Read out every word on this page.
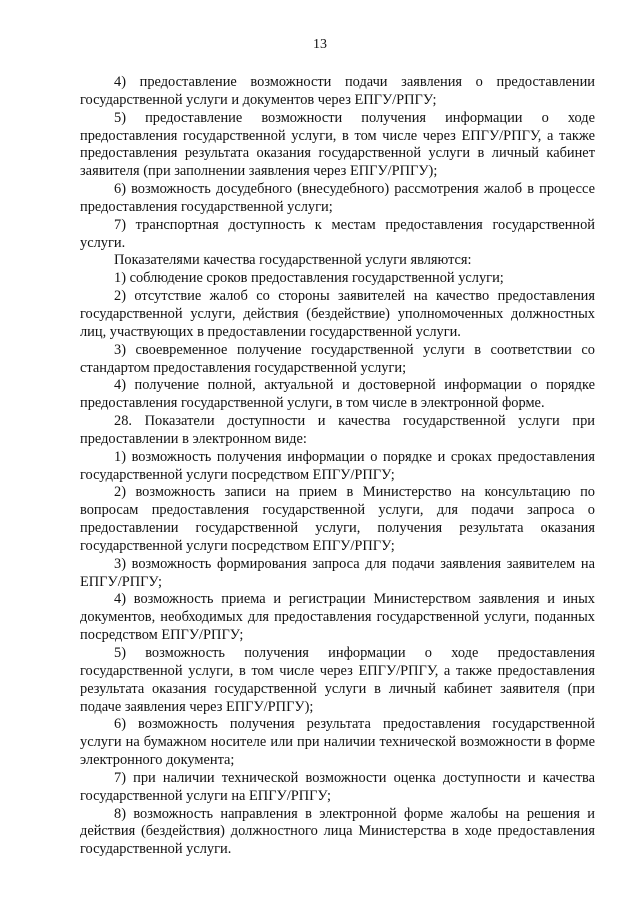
13

4) предоставление возможности подачи заявления о предоставлении государственной услуги и документов через ЕПГУ/РПГУ;

5) предоставление возможности получения информации о ходе предоставления государственной услуги, в том числе через ЕПГУ/РПГУ, а также предоставления результата оказания государственной услуги в личный кабинет заявителя (при заполнении заявления через ЕПГУ/РПГУ);

6) возможность досудебного (внесудебного) рассмотрения жалоб в процессе предоставления государственной услуги;

7) транспортная доступность к местам предоставления государственной услуги.

Показателями качества государственной услуги являются:

1) соблюдение сроков предоставления государственной услуги;

2) отсутствие жалоб со стороны заявителей на качество предоставления государственной услуги, действия (бездействие) уполномоченных должностных лиц, участвующих в предоставлении государственной услуги.

3) своевременное получение государственной услуги в соответствии со стандартом предоставления государственной услуги;

4) получение полной, актуальной и достоверной информации о порядке предоставления государственной услуги, в том числе в электронной форме.

28. Показатели доступности и качества государственной услуги при предоставлении в электронном виде:

1) возможность получения информации о порядке и сроках предоставления государственной услуги посредством ЕПГУ/РПГУ;

2) возможность записи на прием в Министерство на консультацию по вопросам предоставления государственной услуги, для подачи запроса о предоставлении государственной услуги, получения результата оказания государственной услуги посредством ЕПГУ/РПГУ;

3) возможность формирования запроса для подачи заявления заявителем на ЕПГУ/РПГУ;

4) возможность приема и регистрации Министерством заявления и иных документов, необходимых для предоставления государственной услуги, поданных посредством ЕПГУ/РПГУ;

5) возможность получения информации о ходе предоставления государственной услуги, в том числе через ЕПГУ/РПГУ, а также предоставления результата оказания государственной услуги в личный кабинет заявителя (при подаче заявления через ЕПГУ/РПГУ);

6) возможность получения результата предоставления государственной услуги на бумажном носителе или при наличии технической возможности в форме электронного документа;

7) при наличии технической возможности оценка доступности и качества государственной услуги на ЕПГУ/РПГУ;

8) возможность направления в электронной форме жалобы на решения и действия (бездействия) должностного лица Министерства в ходе предоставления государственной услуги.
